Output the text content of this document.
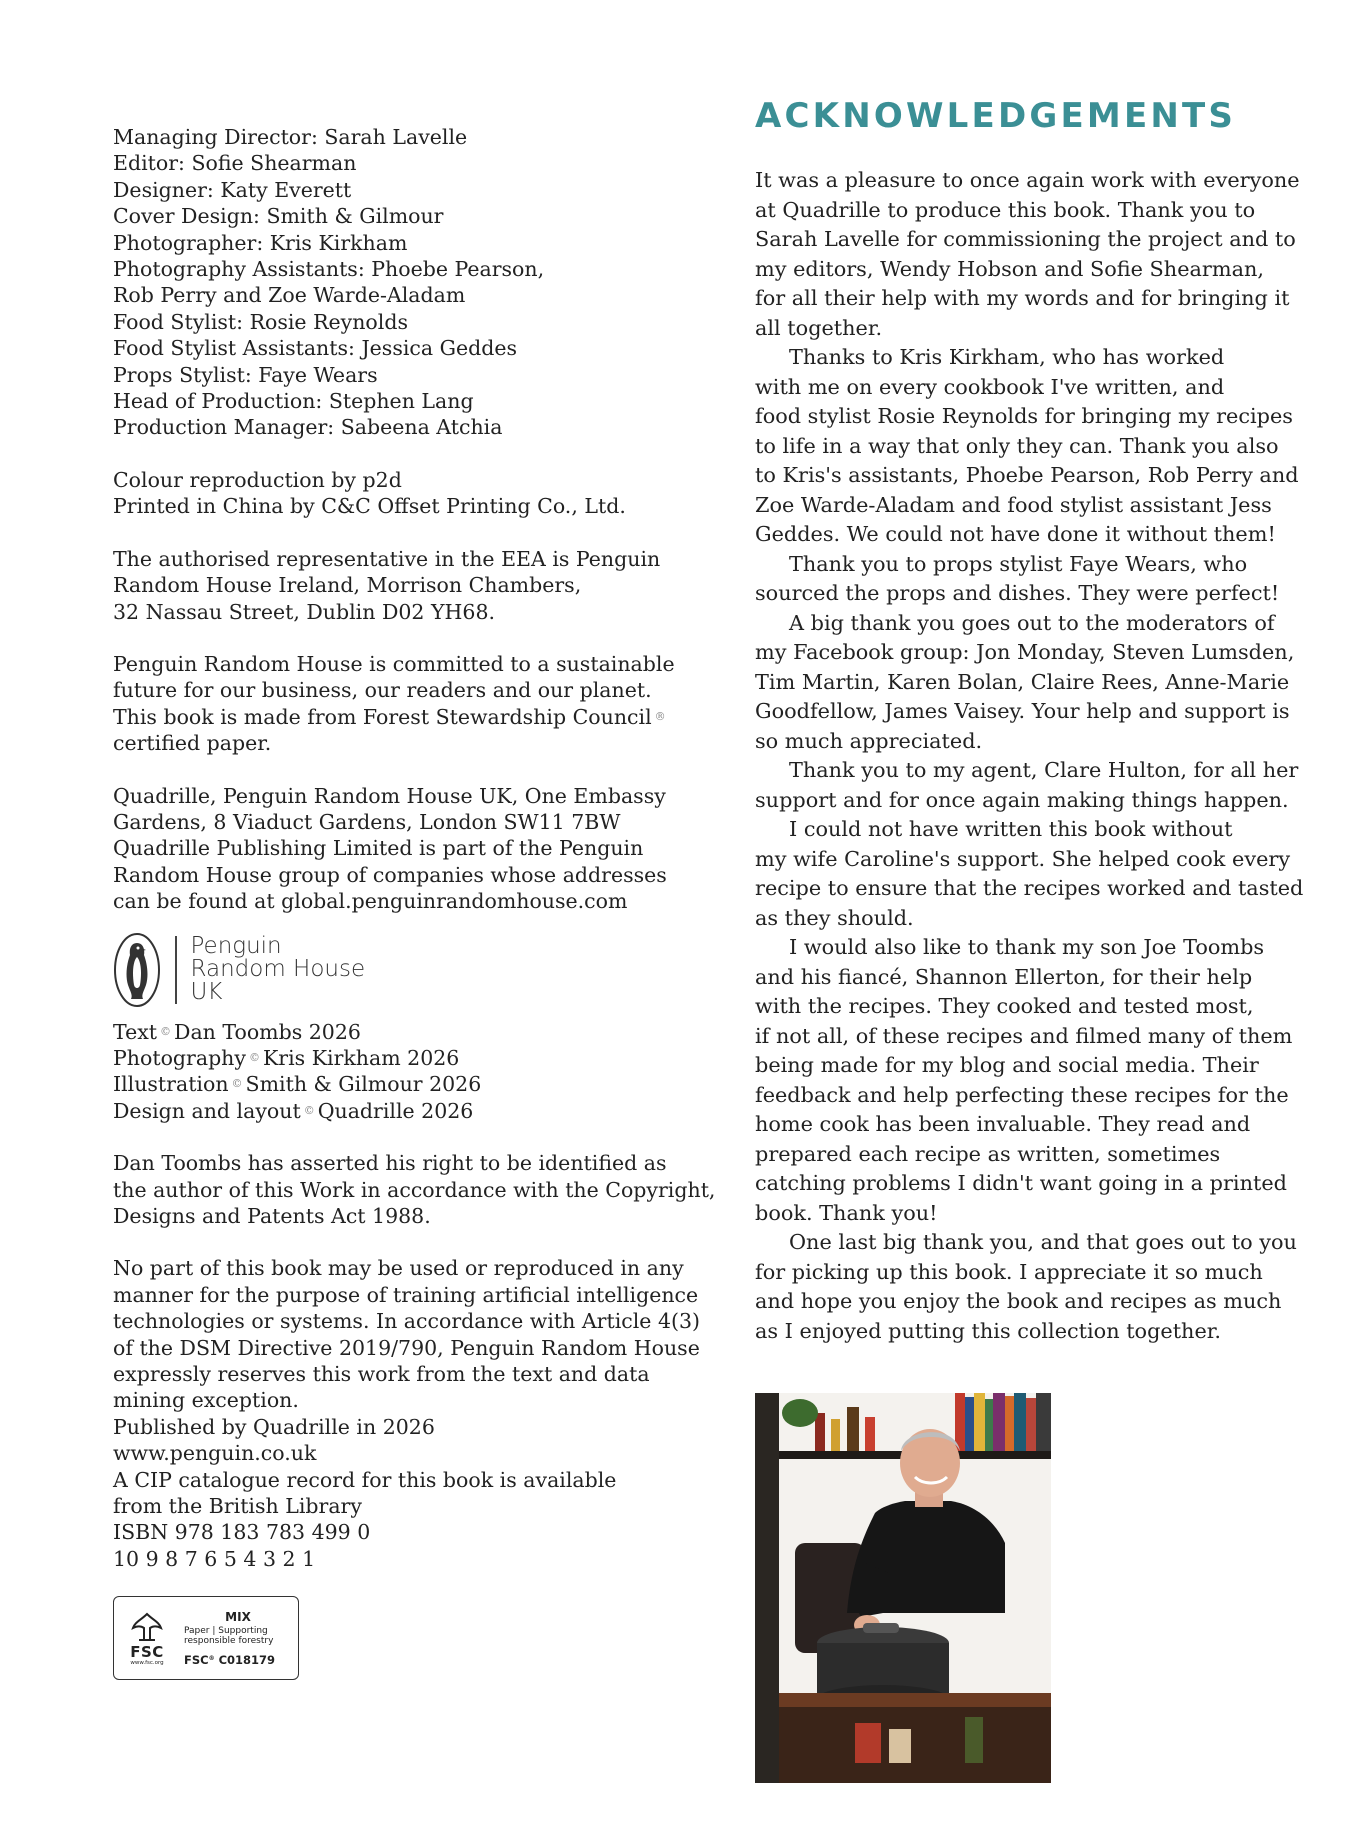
Managing Director: Sarah Lavelle
Editor: Sofie Shearman
Designer: Katy Everett
Cover Design: Smith & Gilmour
Photographer: Kris Kirkham
Photography Assistants: Phoebe Pearson,
Rob Perry and Zoe Warde-Aladam
Food Stylist: Rosie Reynolds
Food Stylist Assistants: Jessica Geddes
Props Stylist: Faye Wears
Head of Production: Stephen Lang
Production Manager: Sabeena Atchia
Colour reproduction by p2d
Printed in China by C&C Offset Printing Co., Ltd.
The authorised representative in the EEA is Penguin
Random House Ireland, Morrison Chambers,
32 Nassau Street, Dublin D02 YH68.
Penguin Random House is committed to a sustainable
future for our business, our readers and our planet.
This book is made from Forest Stewardship Council ®
certified paper.
Quadrille, Penguin Random House UK, One Embassy
Gardens, 8 Viaduct Gardens, London SW11 7BW
Quadrille Publishing Limited is part of the Penguin
Random House group of companies whose addresses
can be found at global.penguinrandomhouse.com
Penguin
Random House
UK
Text © Dan Toombs 2026
Photography © Kris Kirkham 2026
Illustration © Smith & Gilmour 2026
Design and layout © Quadrille 2026
Dan Toombs has asserted his right to be identified as
the author of this Work in accordance with the Copyright,
Designs and Patents Act 1988.
No part of this book may be used or reproduced in any
manner for the purpose of training artificial intelligence
technologies or systems. In accordance with Article 4(3)
of the DSM Directive 2019/790, Penguin Random House
expressly reserves this work from the text and data
mining exception.
Published by Quadrille in 2026
www.penguin.co.uk
A CIP catalogue record for this book is available
from the British Library
ISBN 978 183 783 499 0
10 9 8 7 6 5 4 3 2 1
FSC
www.fsc.org
MIX
Paper | Supporting
responsible forestry
FSC® C018179
ACKNOWLEDGEMENTS
It was a pleasure to once again work with everyone
at Quadrille to produce this book. Thank you to
Sarah Lavelle for commissioning the project and to
my editors, Wendy Hobson and Sofie Shearman,
for all their help with my words and for bringing it
all together.
Thanks to Kris Kirkham, who has worked
with me on every cookbook I've written, and
food stylist Rosie Reynolds for bringing my recipes
to life in a way that only they can. Thank you also
to Kris's assistants, Phoebe Pearson, Rob Perry and
Zoe Warde-Aladam and food stylist assistant Jess
Geddes. We could not have done it without them!
Thank you to props stylist Faye Wears, who
sourced the props and dishes. They were perfect!
A big thank you goes out to the moderators of
my Facebook group: Jon Monday, Steven Lumsden,
Tim Martin, Karen Bolan, Claire Rees, Anne-Marie
Goodfellow, James Vaisey. Your help and support is
so much appreciated.
Thank you to my agent, Clare Hulton, for all her
support and for once again making things happen.
I could not have written this book without
my wife Caroline's support. She helped cook every
recipe to ensure that the recipes worked and tasted
as they should.
I would also like to thank my son Joe Toombs
and his fiancé, Shannon Ellerton, for their help
with the recipes. They cooked and tested most,
if not all, of these recipes and filmed many of them
being made for my blog and social media. Their
feedback and help perfecting these recipes for the
home cook has been invaluable. They read and
prepared each recipe as written, sometimes
catching problems I didn't want going in a printed
book. Thank you!
One last big thank you, and that goes out to you
for picking up this book. I appreciate it so much
and hope you enjoy the book and recipes as much
as I enjoyed putting this collection together.
